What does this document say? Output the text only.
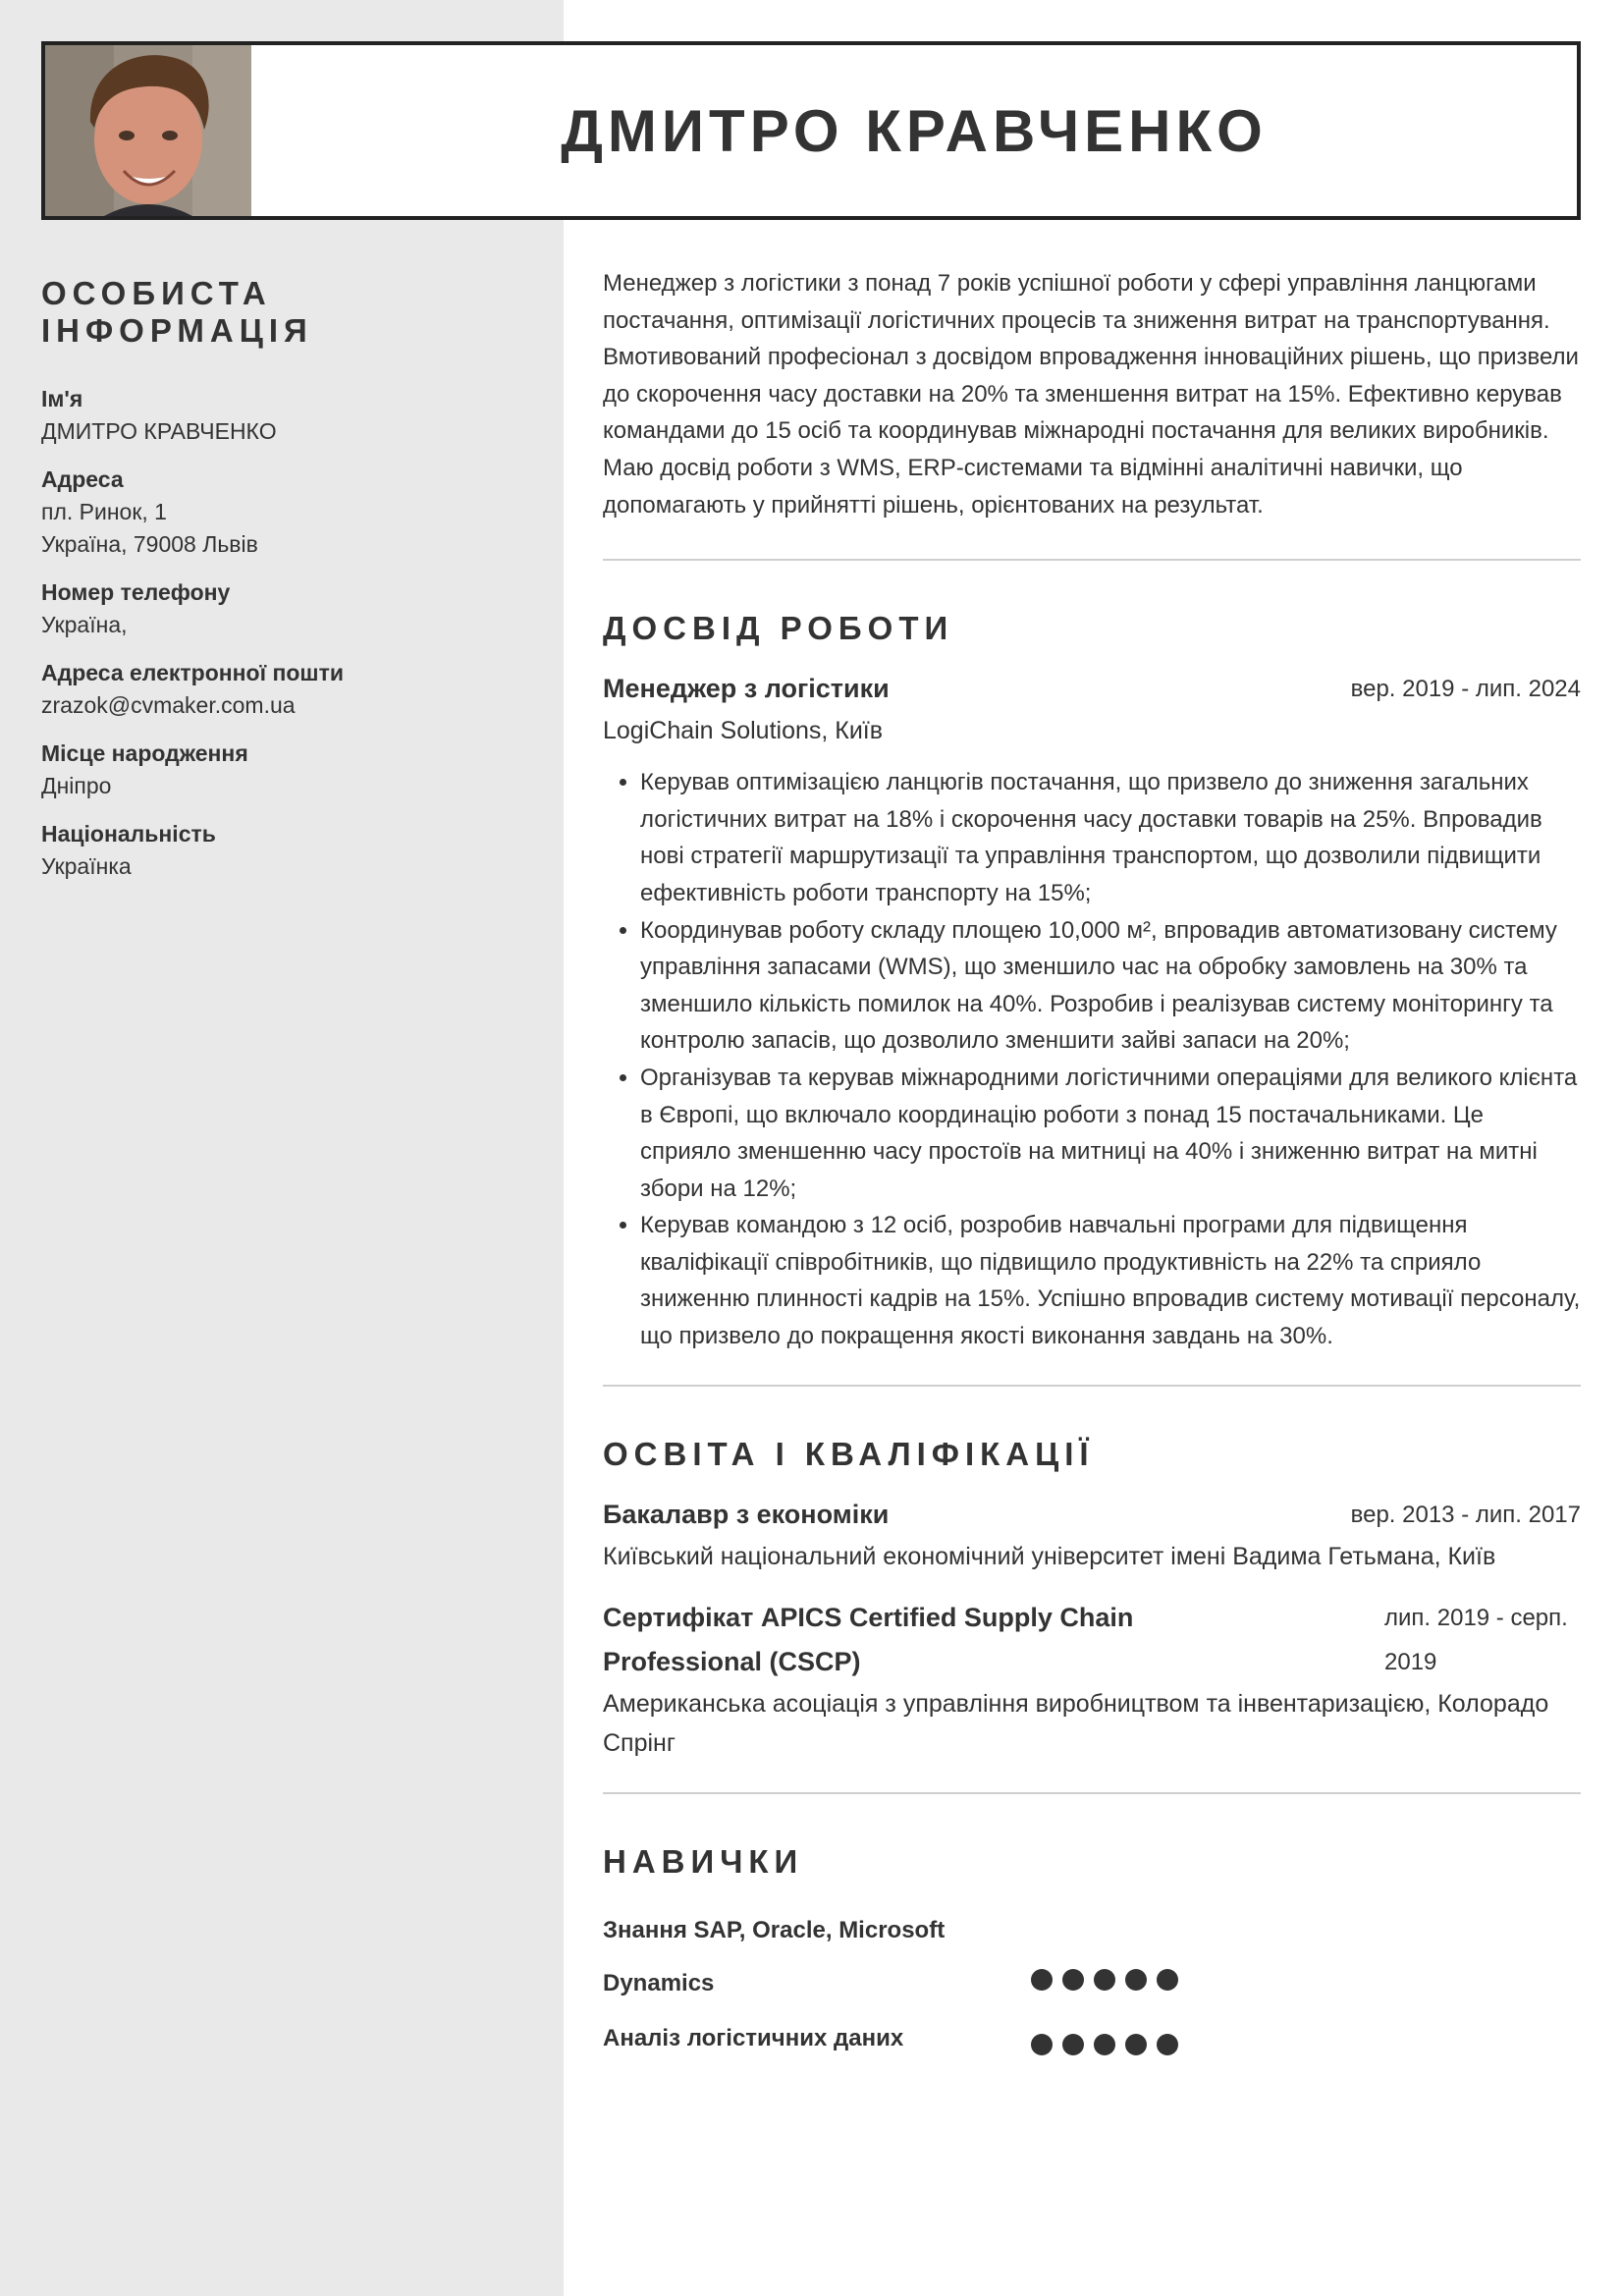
ДМИТРО КРАВЧЕНКО
ОСОБИСТА ІНФОРМАЦІЯ
Ім'я
ДМИТРО КРАВЧЕНКО
Адреса
пл. Ринок, 1
Україна, 79008 Львів
Номер телефону
Україна,
Адреса електронної пошти
zrazok@cvmaker.com.ua
Місце народження
Дніпро
Національність
Українка

Менеджер з логістики з понад 7 років успішної роботи у сфері управління ланцюгами постачання, оптимізації логістичних процесів та зниження витрат на транспортування. Вмотивований професіонал з досвідом впровадження інноваційних рішень, що призвели до скорочення часу доставки на 20% та зменшення витрат на 15%. Ефективно керував командами до 15 осіб та координував міжнародні постачання для великих виробників. Маю досвід роботи з WMS, ERP-системами та відмінні аналітичні навички, що допомагають у прийнятті рішень, орієнтованих на результат.

ДОСВІД РОБОТИ
Менеджер з логістики	вер. 2019 - лип. 2024
LogiChain Solutions, Київ
• Керував оптимізацією ланцюгів постачання, що призвело до зниження загальних логістичних витрат на 18% і скорочення часу доставки товарів на 25%. Впровадив нові стратегії маршрутизації та управління транспортом, що дозволили підвищити ефективність роботи транспорту на 15%;
• Координував роботу складу площею 10,000 м², впровадив автоматизовану систему управління запасами (WMS), що зменшило час на обробку замовлень на 30% та зменшило кількість помилок на 40%. Розробив і реалізував систему моніторингу та контролю запасів, що дозволило зменшити зайві запаси на 20%;
• Організував та керував міжнародними логістичними операціями для великого клієнта в Європі, що включало координацію роботи з понад 15 постачальниками. Це сприяло зменшенню часу простоїв на митниці на 40% і зниженню витрат на митні збори на 12%;
• Керував командою з 12 осіб, розробив навчальні програми для підвищення кваліфікації співробітників, що підвищило продуктивність на 22% та сприяло зниженню плинності кадрів на 15%. Успішно впровадив систему мотивації персоналу, що призвело до покращення якості виконання завдань на 30%.
ОСВІТА І КВАЛІФІКАЦІЇ
Бакалавр з економіки	вер. 2013 - лип. 2017
Київський національний економічний університет імені Вадима Гетьмана, Київ
Сертифікат APICS Certified Supply Chain Professional (CSCP)
лип. 2019 - серп. 2019
Американська асоціація з управління виробництвом та інвентаризацією, Колорадо Спрінг
НАВИЧКИ
Знання SAP, Oracle, Microsoft Dynamics
Аналіз логістичних даних
